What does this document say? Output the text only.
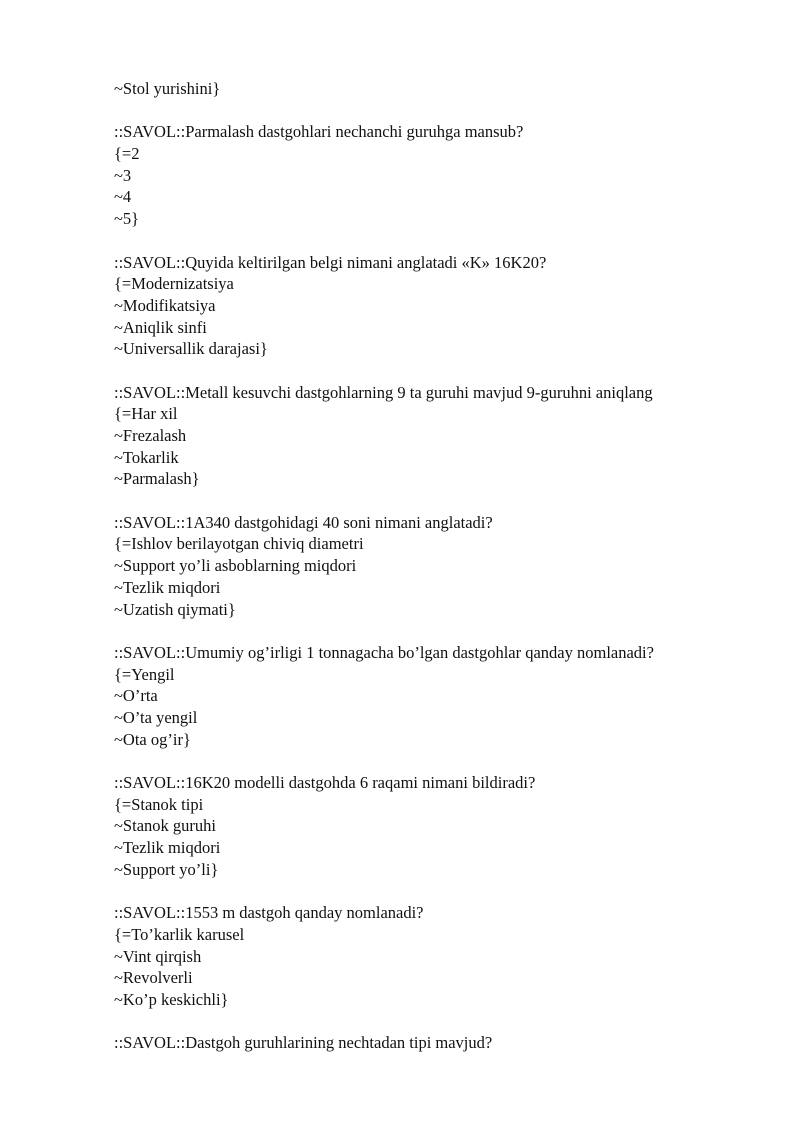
~Stol yurishini}
::SAVOL::Parmalash dastgohlari nechanchi guruhga mansub?
{=2
~3
~4
~5}
::SAVOL::Quyida keltirilgan belgi nimani anglatadi «K» 16K20?
{=Modernizatsiya
~Modifikatsiya
~Aniqlik sinfi
~Universallik darajasi}
::SAVOL::Metall kesuvchi dastgohlarning 9 ta guruhi mavjud 9-guruhni aniqlang
{=Har xil
~Frezalash
~Tokarlik
~Parmalash}
::SAVOL::1A340 dastgohidagi 40 soni nimani anglatadi?
{=Ishlov berilayotgan chiviq diametri
~Support yo’li asboblarning miqdori
~Tezlik miqdori
~Uzatish qiymati}
::SAVOL::Umumiy og’irligi 1 tonnagacha bo’lgan dastgohlar qanday nomlanadi?
{=Yengil
~O’rta
~O’ta yengil
~Ota og’ir}
::SAVOL::16K20 modelli dastgohda 6 raqami nimani bildiradi?
{=Stanok tipi
~Stanok guruhi
~Tezlik miqdori
~Support yo’li}
::SAVOL::1553 m dastgoh qanday nomlanadi?
{=To’karlik karusel
~Vint qirqish
~Revolverli
~Ko’p keskichli}
::SAVOL::Dastgoh guruhlarining nechtadan tipi mavjud?
